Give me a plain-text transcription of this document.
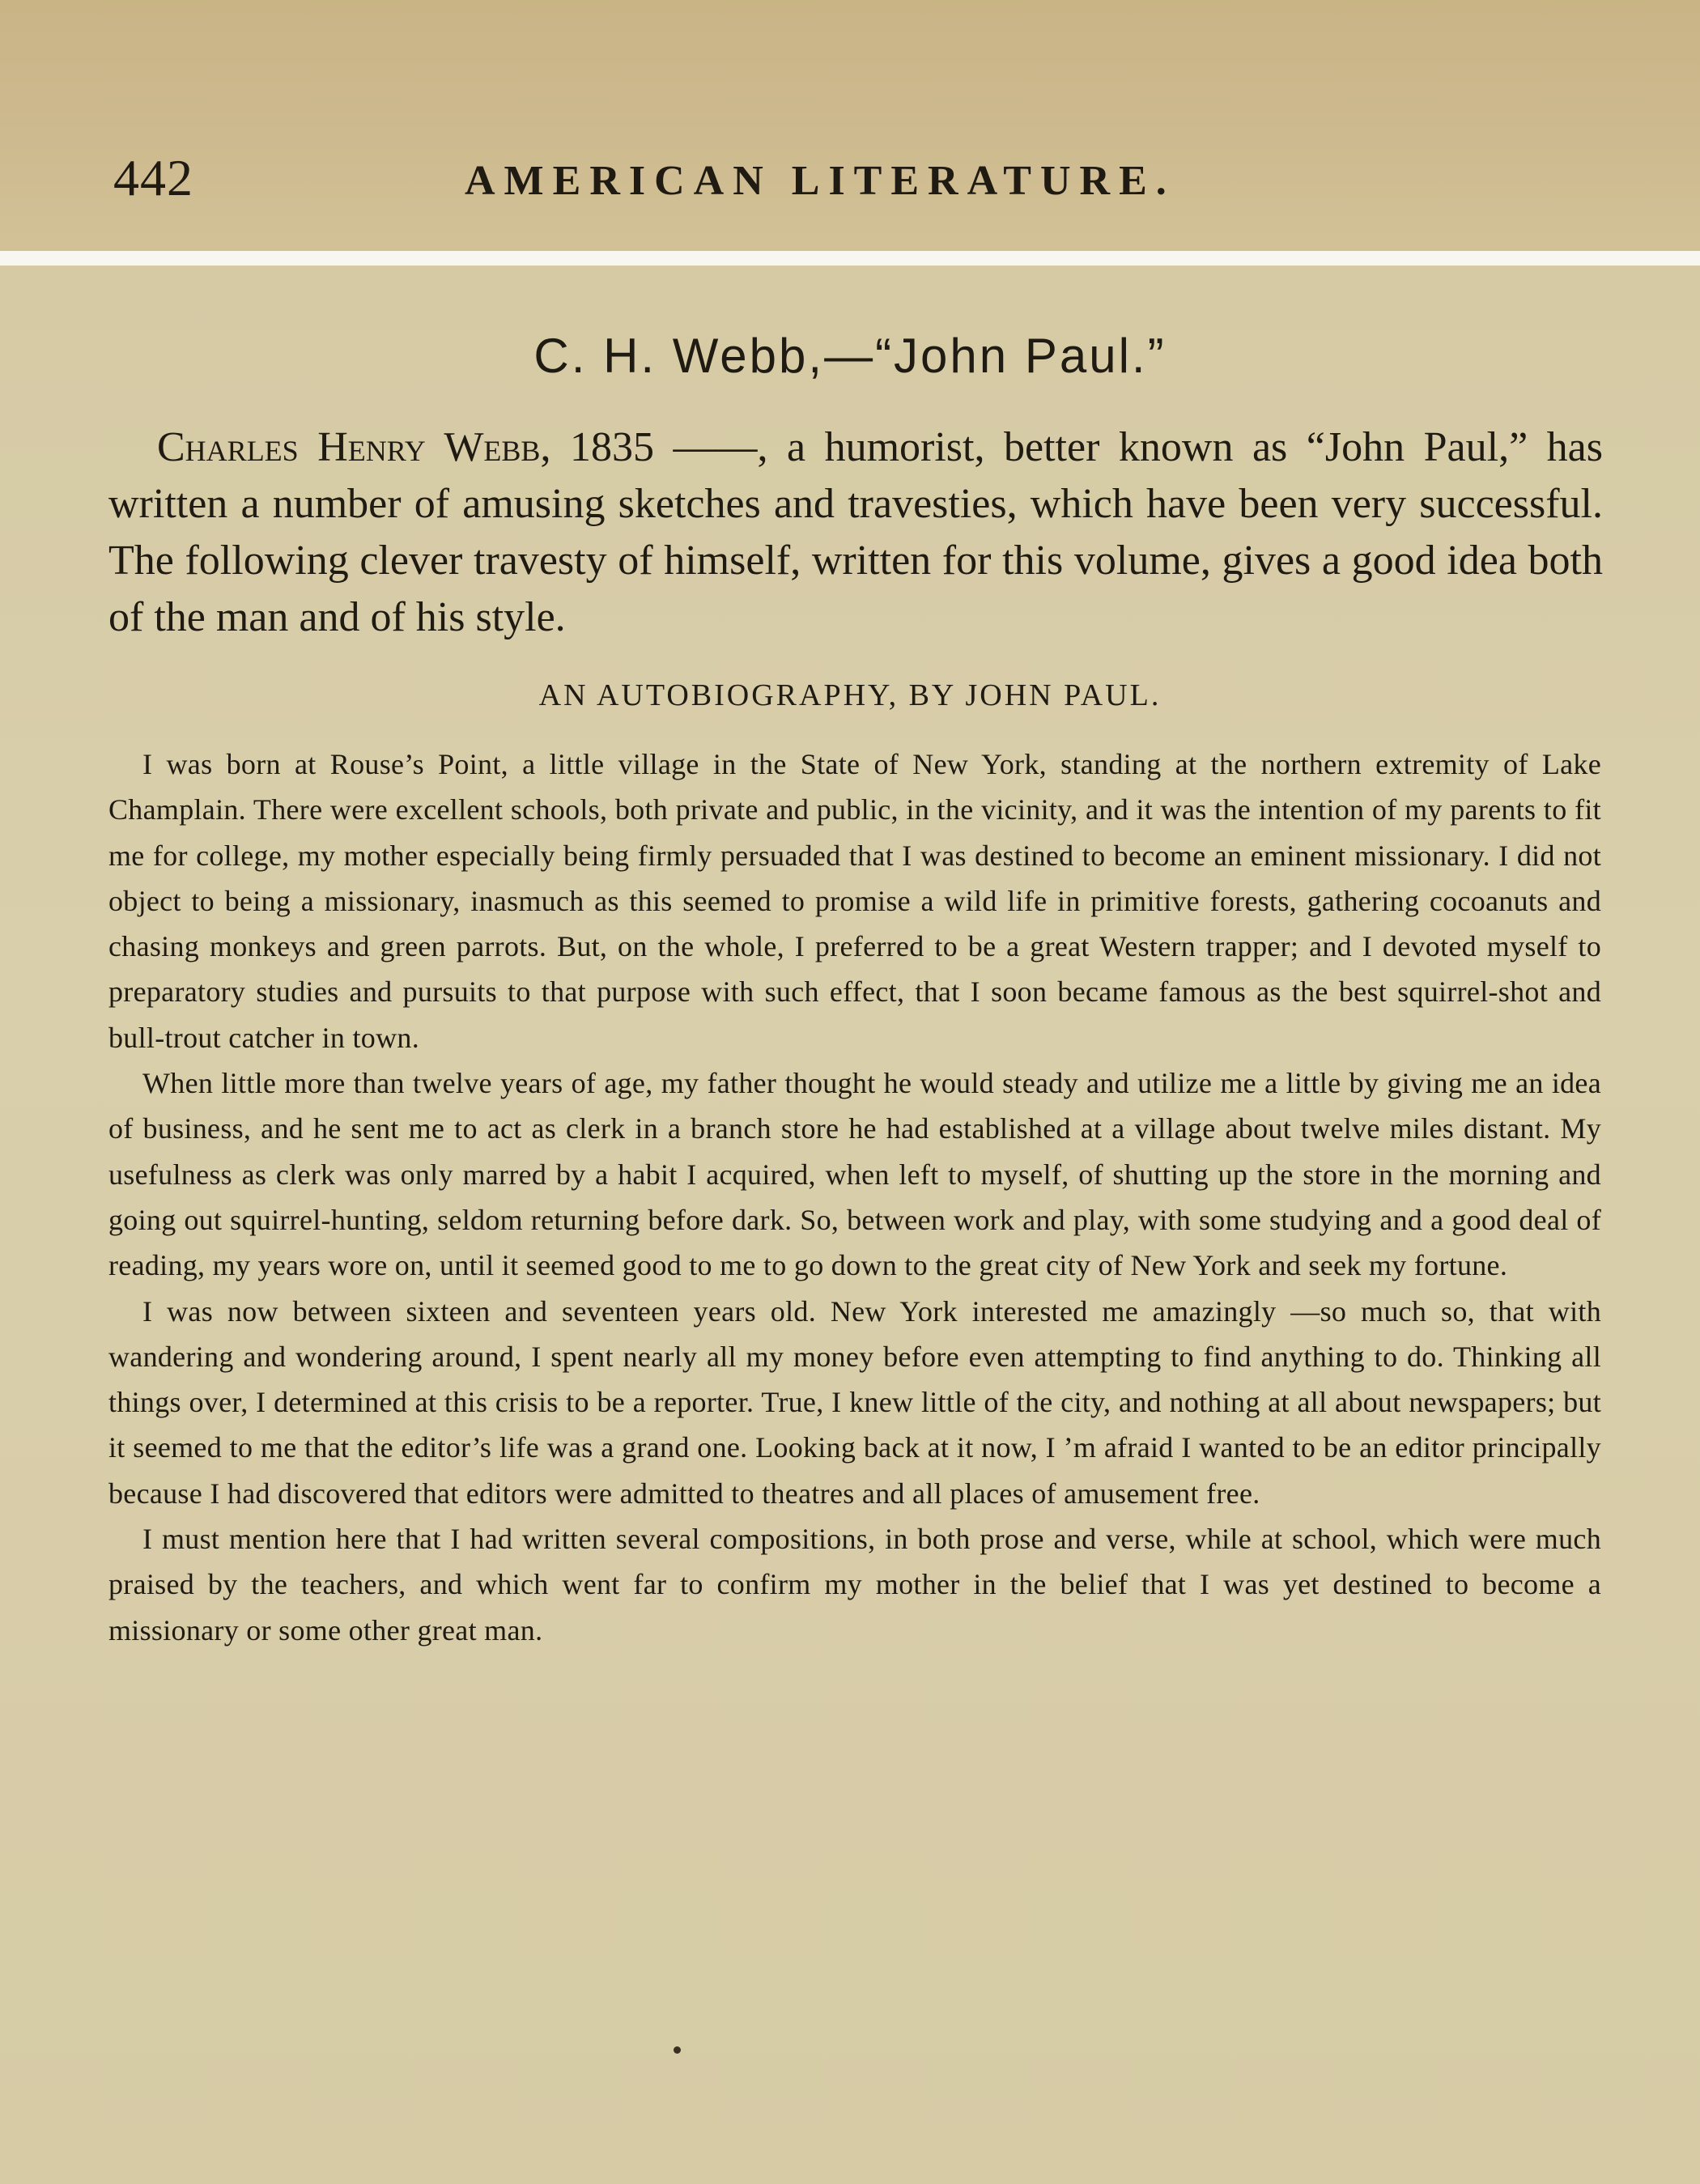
442	AMERICAN LITERATURE.
C. H. Webb,—“John Paul.”

Charles Henry Webb, 1835 ——, a humorist, better known as “John Paul,” has written a number of amusing sketches and travesties, which have been very successful. The following clever travesty of himself, written for this volume, gives a good idea both of the man and of his style.

AN AUTOBIOGRAPHY, BY JOHN PAUL.

I was born at Rouse’s Point, a little village in the State of New York, standing at the northern extremity of Lake Champlain. There were excellent schools, both private and public, in the vicinity, and it was the intention of my parents to fit me for college, my mother especially being firmly persuaded that I was destined to become an eminent missionary. I did not object to being a missionary, inasmuch as this seemed to promise a wild life in primitive forests, gathering cocoanuts and chasing monkeys and green parrots. But, on the whole, I preferred to be a great Western trapper; and I devoted myself to preparatory studies and pursuits to that purpose with such effect, that I soon became famous as the best squirrel-shot and bull-trout catcher in town.

When little more than twelve years of age, my father thought he would steady and utilize me a little by giving me an idea of business, and he sent me to act as clerk in a branch store he had established at a village about twelve miles distant. My usefulness as clerk was only marred by a habit I acquired, when left to myself, of shutting up the store in the morning and going out squirrel-hunting, seldom returning before dark. So, between work and play, with some studying and a good deal of reading, my years wore on, until it seemed good to me to go down to the great city of New York and seek my fortune.

I was now between sixteen and seventeen years old. New York interested me amazingly —so much so, that with wandering and wondering around, I spent nearly all my money before even attempting to find anything to do. Thinking all things over, I determined at this crisis to be a reporter. True, I knew little of the city, and nothing at all about newspapers; but it seemed to me that the editor’s life was a grand one. Looking back at it now, I ’m afraid I wanted to be an editor principally because I had discovered that editors were admitted to theatres and all places of amusement free.

I must mention here that I had written several compositions, in both prose and verse, while at school, which were much praised by the teachers, and which went far to confirm my mother in the belief that I was yet destined to become a missionary or some other great man.
